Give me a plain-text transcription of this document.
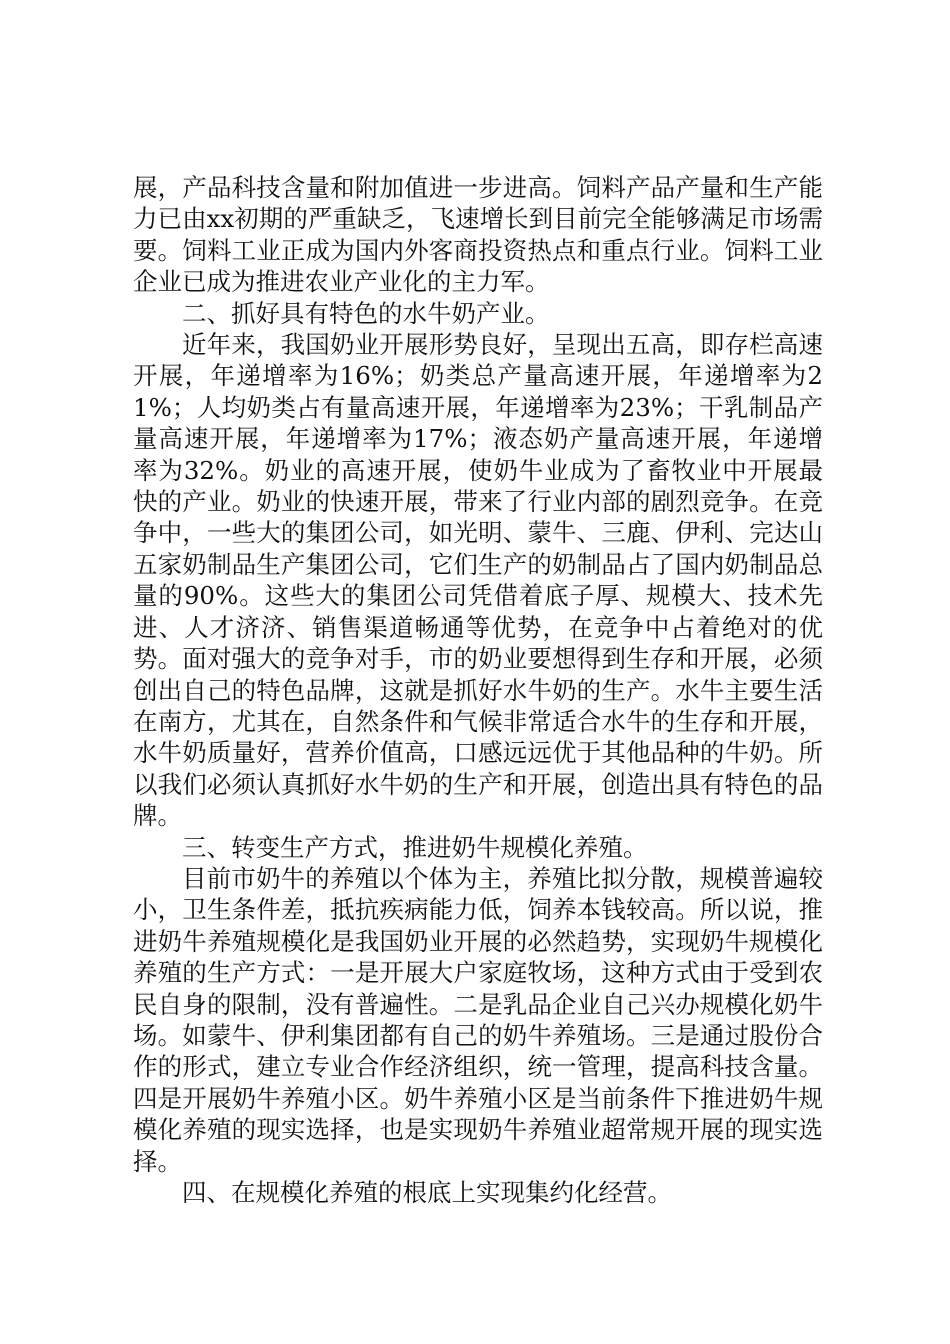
展，产品科技含量和附加值进一步进高。饲料产品产量和生产能力已由xx初期的严重缺乏，飞速增长到目前完全能够满足市场需要。饲料工业正成为国内外客商投资热点和重点行业。饲料工业企业已成为推进农业产业化的主力军。

二、抓好具有特色的水牛奶产业。

近年来，我国奶业开展形势良好，呈现出五高，即存栏高速开展，年递增率为16%；奶类总产量高速开展，年递增率为21%；人均奶类占有量高速开展，年递增率为23%；干乳制品产量高速开展，年递增率为17%；液态奶产量高速开展，年递增率为32%。奶业的高速开展，使奶牛业成为了畜牧业中开展最快的产业。奶业的快速开展，带来了行业内部的剧烈竞争。在竞争中，一些大的集团公司，如光明、蒙牛、三鹿、伊利、完达山五家奶制品生产集团公司，它们生产的奶制品占了国内奶制品总量的90%。这些大的集团公司凭借着底子厚、规模大、技术先进、人才济济、销售渠道畅通等优势，在竞争中占着绝对的优势。面对强大的竞争对手，市的奶业要想得到生存和开展，必须创出自己的特色品牌，这就是抓好水牛奶的生产。水牛主要生活在南方，尤其在，自然条件和气候非常适合水牛的生存和开展，水牛奶质量好，营养价值高，口感远远优于其他品种的牛奶。所以我们必须认真抓好水牛奶的生产和开展，创造出具有特色的品牌。

三、转变生产方式，推进奶牛规模化养殖。

目前市奶牛的养殖以个体为主，养殖比拟分散，规模普遍较小，卫生条件差，抵抗疾病能力低，饲养本钱较高。所以说，推进奶牛养殖规模化是我国奶业开展的必然趋势，实现奶牛规模化养殖的生产方式：一是开展大户家庭牧场，这种方式由于受到农民自身的限制，没有普遍性。二是乳品企业自己兴办规模化奶牛场。如蒙牛、伊利集团都有自己的奶牛养殖场。三是通过股份合作的形式，建立专业合作经济组织，统一管理，提高科技含量。四是开展奶牛养殖小区。奶牛养殖小区是当前条件下推进奶牛规模化养殖的现实选择，也是实现奶牛养殖业超常规开展的现实选择。

四、在规模化养殖的根底上实现集约化经营。
